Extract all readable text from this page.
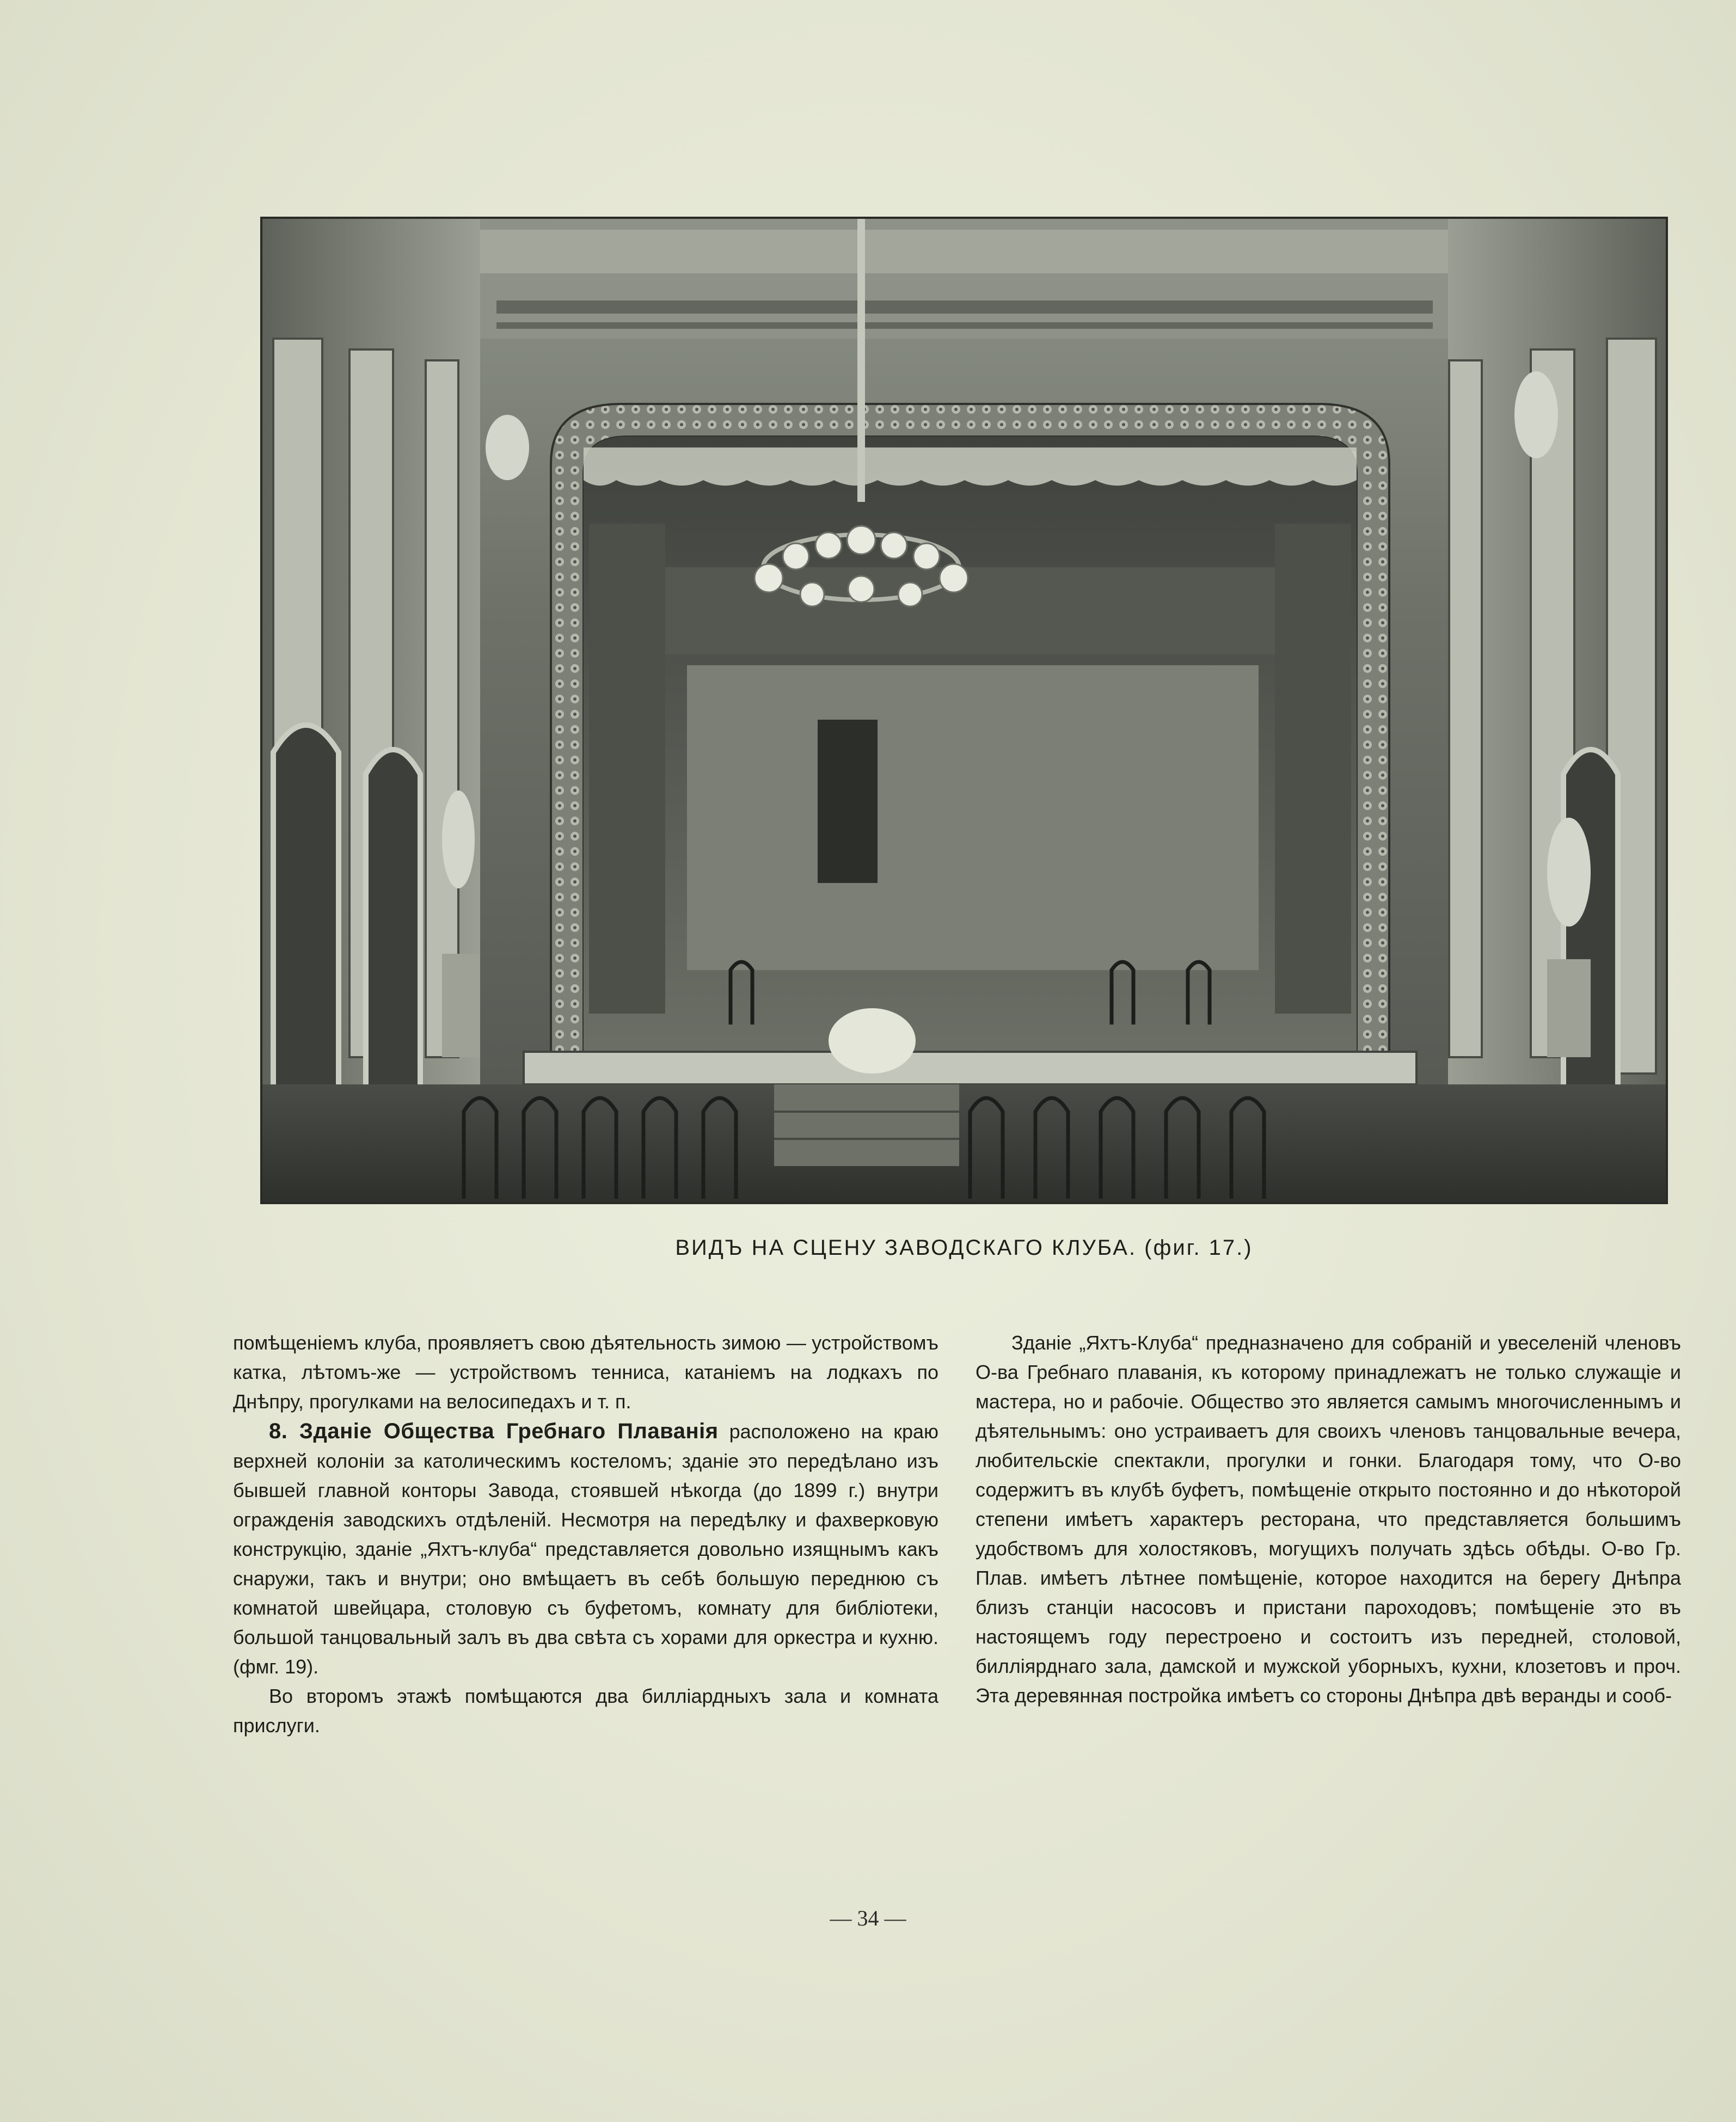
ВИДЪ НА СЦЕНУ ЗАВОДСКАГО КЛУБА. (фиг. 17.)

помѣщеніемъ клуба, проявляетъ свою дѣятельность зимою — устройствомъ катка, лѣтомъ-же — устройствомъ тенниса, катаніемъ на лодкахъ по Днѣпру, прогулками на велосипедахъ и т. п.

8. Зданіе Общества Гребнаго Плаванія расположено на краю верхней колоніи за католическимъ костеломъ; зданіе это передѣлано изъ бывшей главной конторы Завода, стоявшей нѣкогда (до 1899 г.) внутри огражденія заводскихъ отдѣленій. Несмотря на передѣлку и фахверковую конструкцію, зданіе „Яхтъ-клуба“ представляется довольно изящнымъ какъ снаружи, такъ и внутри; оно вмѣщаетъ въ себѣ большую переднюю съ комнатой швейцара, столовую съ буфетомъ, комнату для библіотеки, большой танцовальный залъ въ два свѣта съ хорами для оркестра и кухню. (фмг. 19).

Во второмъ этажѣ помѣщаются два билліардныхъ зала и комната прислуги.

Зданіе „Яхтъ-Клуба“ предназначено для собраній и увеселеній членовъ О-ва Гребнаго плаванія, къ которому принадлежатъ не только служащіе и мастера, но и рабочіе. Общество это является самымъ многочисленнымъ и дѣятельнымъ: оно устраиваетъ для своихъ членовъ танцовальные вечера, любительскіе спектакли, прогулки и гонки. Благодаря тому, что О-во содержитъ въ клубѣ буфетъ, помѣщеніе открыто постоянно и до нѣкоторой степени имѣетъ характеръ ресторана, что представляется большимъ удобствомъ для холостяковъ, могущихъ получать здѣсь обѣды. О-во Гр. Плав. имѣетъ лѣтнее помѣщеніе, которое находится на берегу Днѣпра близъ станціи насосовъ и пристани пароходовъ; помѣщеніе это въ настоящемъ году перестроено и состоитъ изъ передней, столовой, билліярднаго зала, дамской и мужской уборныхъ, кухни, клозетовъ и проч. Эта деревянная постройка имѣетъ со стороны Днѣпра двѣ веранды и сооб-

— 34 —
